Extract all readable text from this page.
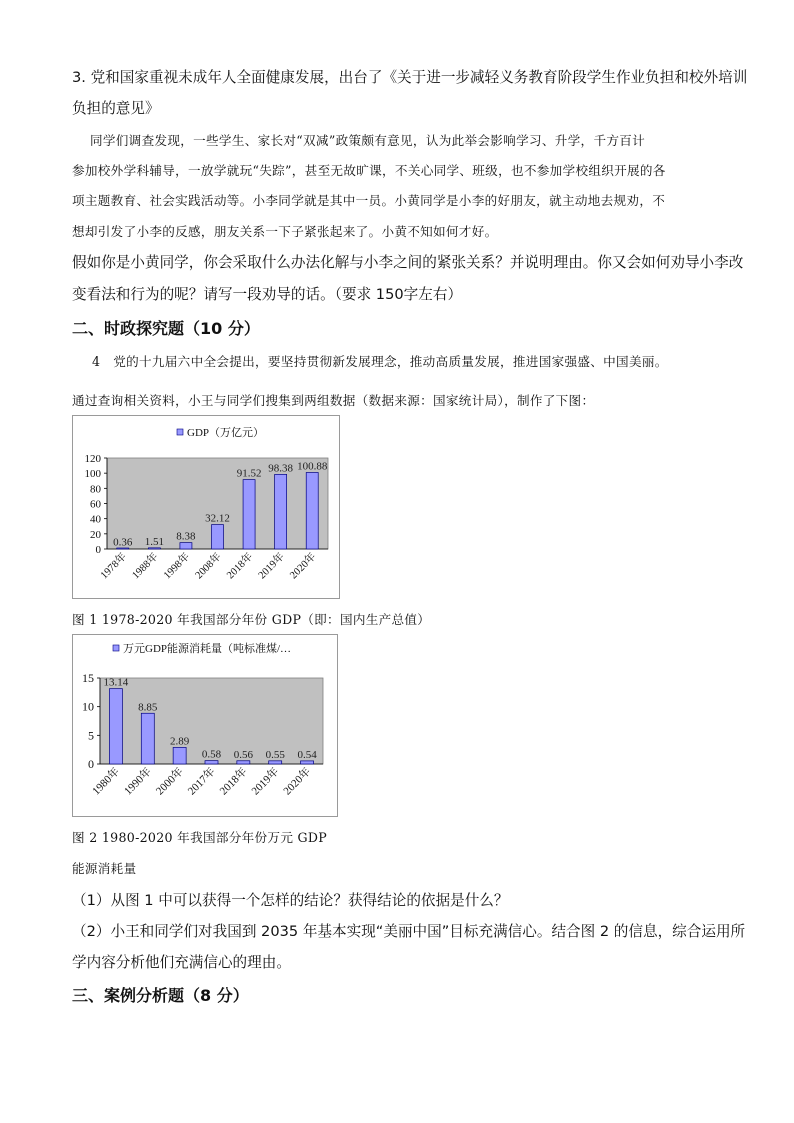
3. 党和国家重视未成年人全面健康发展，出台了《关于进一步减轻义务教育阶段学生作业负担和校外培训
负担的意见》
同学们调查发现，一些学生、家长对“双减”政策颇有意见，认为此举会影响学习、升学，千方百计
参加校外学科辅导，一放学就玩“失踪”，甚至无故旷课，不关心同学、班级，也不参加学校组织开展的各
项主题教育、社会实践活动等。小李同学就是其中一员。小黄同学是小李的好朋友，就主动地去规劝，不
想却引发了小李的反感，朋友关系一下子紧张起来了。小黄不知如何才好。
假如你是小黄同学，你会采取什么办法化解与小李之间的紧张关系？并说明理由。你又会如何劝导小李改
变看法和行为的呢？请写一段劝导的话。（要求 150字左右）
二、时政探究题（10 分）
4　党的十九届六中全会提出，要坚持贯彻新发展理念，推动高质量发展，推进国家强盛、中国美丽。
通过查询相关资料，小王与同学们搜集到两组数据（数据来源：国家统计局），制作了下图：
GDP（万亿元）
0
20
40
60
80
100
120
0.36
1978年
1.51
1988年
8.38
1998年
32.12
2008年
91.52
2018年
98.38
2019年
100.88
2020年
图 1 1978-2020 年我国部分年份 GDP（即：国内生产总值）
万元GDP能源消耗量（吨标准煤/…
0
5
10
15 13.14
1980年
8.85
1990年
2.89
2000年
0.58
2017年
0.56
2018年
0.55
2019年
0.54
2020年
图 2 1980-2020 年我国部分年份万元 GDP
能源消耗量
（1）从图 1 中可以获得一个怎样的结论？获得结论的依据是什么？
（2）小王和同学们对我国到 2035 年基本实现“美丽中国”目标充满信心。结合图 2 的信息，综合运用所
学内容分析他们充满信心的理由。
三、案例分析题（8 分）
